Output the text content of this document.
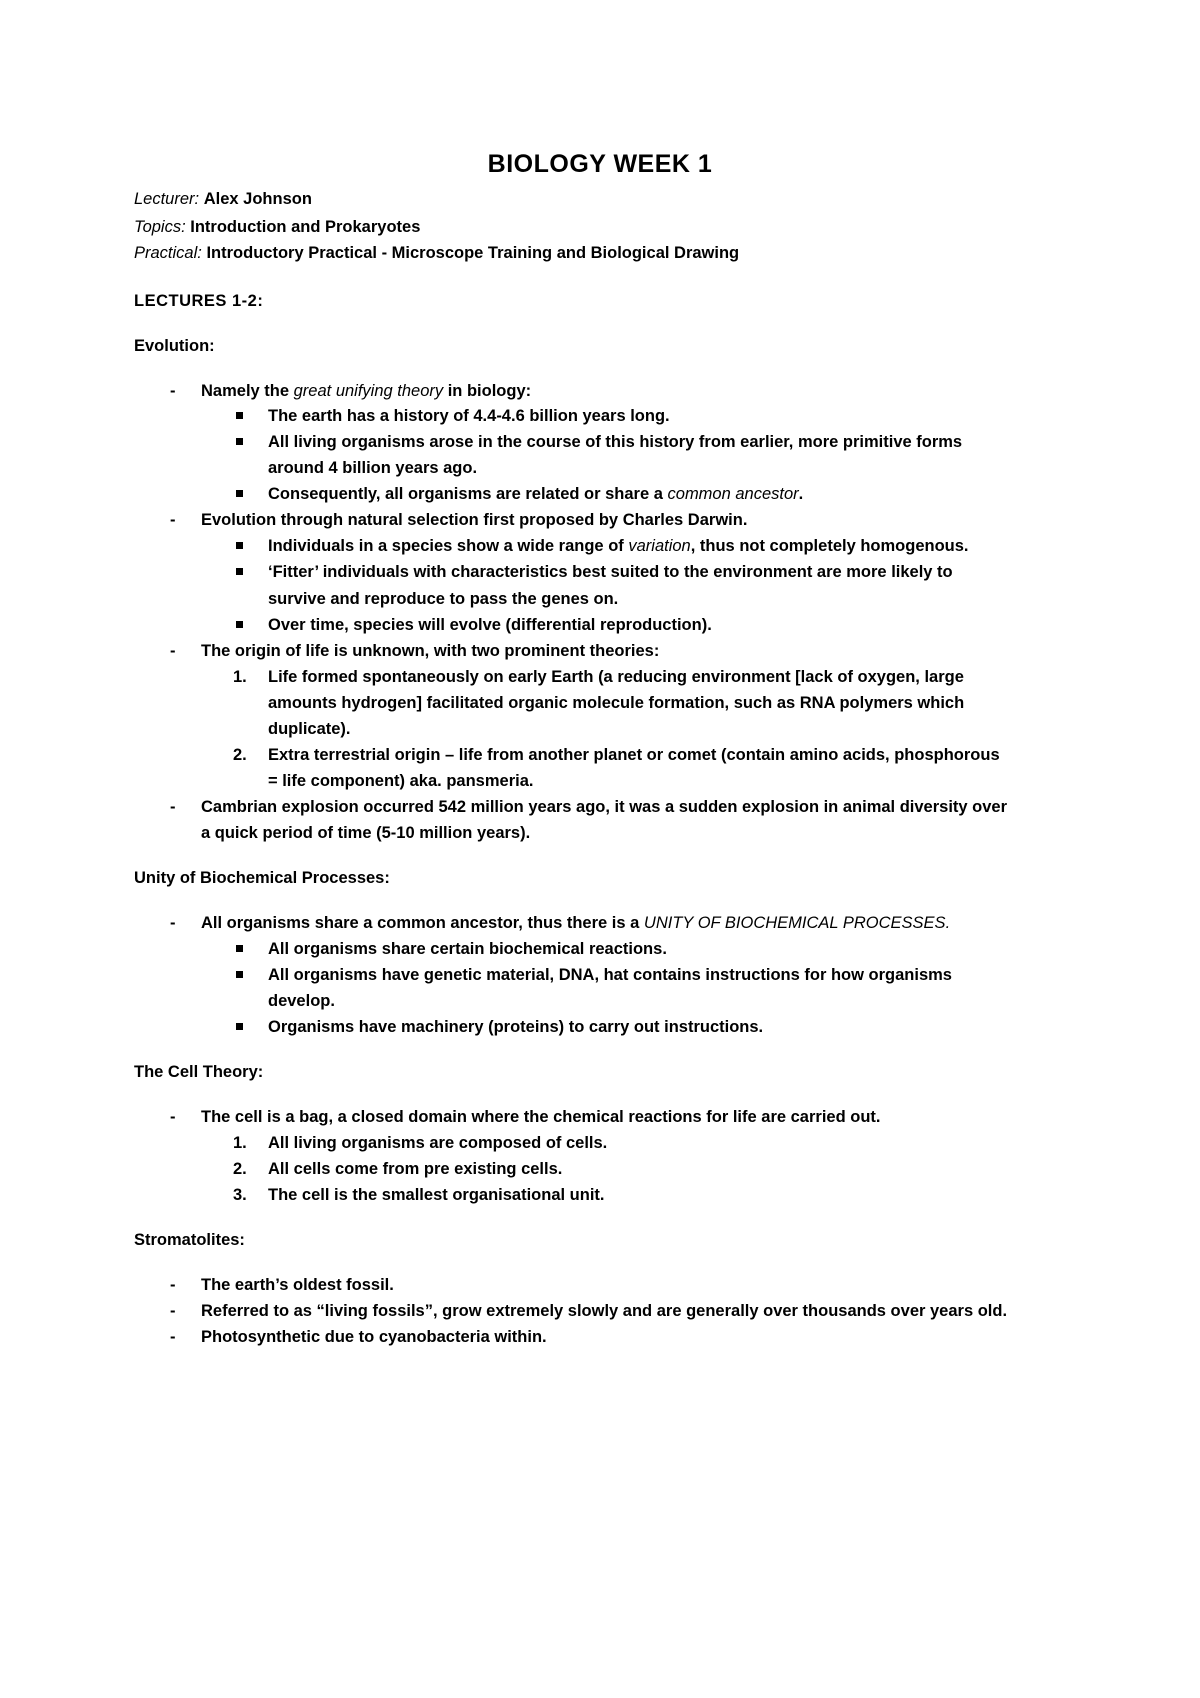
BIOLOGY WEEK 1
Lecturer: Alex Johnson
Topics: Introduction and Prokaryotes
Practical: Introductory Practical - Microscope Training and Biological Drawing
LECTURES 1-2:
Evolution:
- Namely the great unifying theory in biology:
The earth has a history of 4.4-4.6 billion years long.
All living organisms arose in the course of this history from earlier, more primitive forms
around 4 billion years ago.
Consequently, all organisms are related or share a common ancestor.
- Evolution through natural selection first proposed by Charles Darwin.
Individuals in a species show a wide range of variation, thus not completely homogenous.
‘Fitter’ individuals with characteristics best suited to the environment are more likely to
survive and reproduce to pass the genes on.
Over time, species will evolve (differential reproduction).
- The origin of life is unknown, with two prominent theories:
1. Life formed spontaneously on early Earth (a reducing environment [lack of oxygen, large
amounts hydrogen] facilitated organic molecule formation, such as RNA polymers which
duplicate).
2. Extra terrestrial origin – life from another planet or comet (contain amino acids, phosphorous
= life component) aka. pansmeria.
- Cambrian explosion occurred 542 million years ago, it was a sudden explosion in animal diversity over
a quick period of time (5-10 million years).
Unity of Biochemical Processes:
- All organisms share a common ancestor, thus there is a UNITY OF BIOCHEMICAL PROCESSES.
All organisms share certain biochemical reactions.
All organisms have genetic material, DNA, hat contains instructions for how organisms
develop.
Organisms have machinery (proteins) to carry out instructions.
The Cell Theory:
- The cell is a bag, a closed domain where the chemical reactions for life are carried out.
1. All living organisms are composed of cells.
2. All cells come from pre existing cells.
3. The cell is the smallest organisational unit.
Stromatolites:
- The earth’s oldest fossil.
- Referred to as “living fossils”, grow extremely slowly and are generally over thousands over years old.
- Photosynthetic due to cyanobacteria within.
